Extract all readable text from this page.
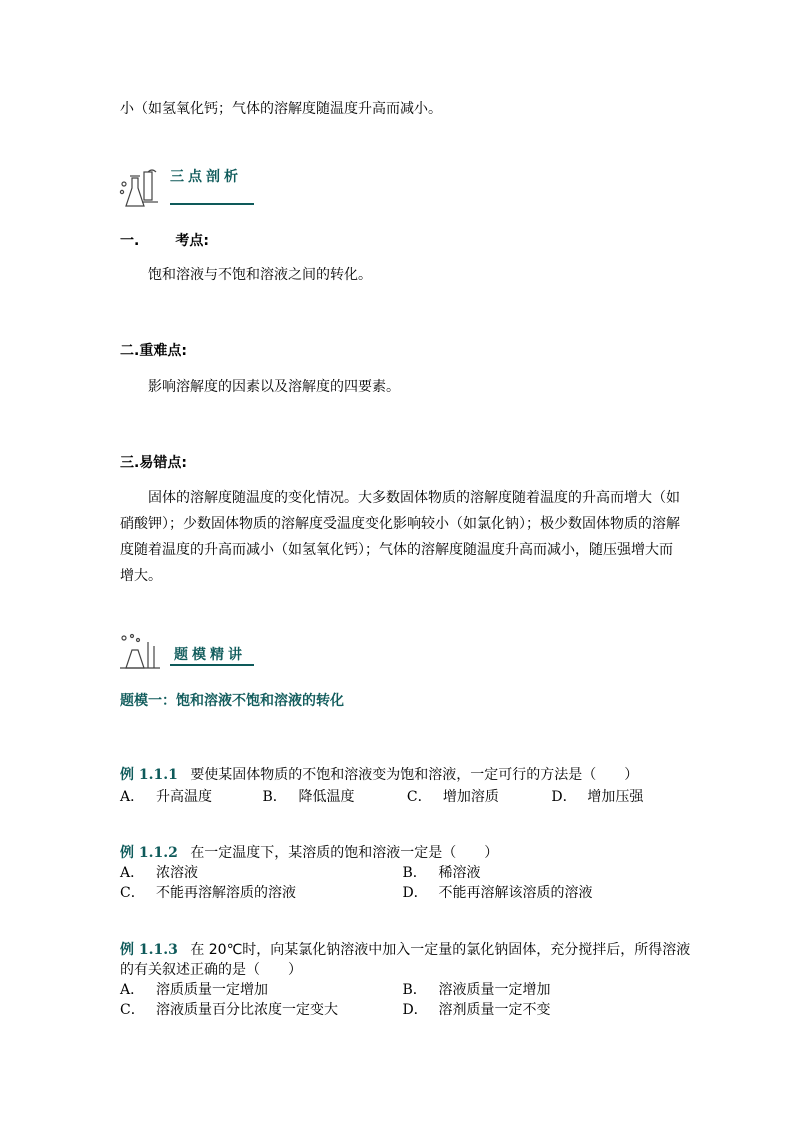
小（如氢氧化钙；气体的溶解度随温度升高而减小。
三点剖析
一.	考点:
饱和溶液与不饱和溶液之间的转化。
二.重难点:
影响溶解度的因素以及溶解度的四要素。
三.易错点:
固体的溶解度随温度的变化情况。大多数固体物质的溶解度随着温度的升高而增大（如
硝酸钾）；少数固体物质的溶解度受温度变化影响较小（如氯化钠）；极少数固体物质的溶解
度随着温度的升高而减小（如氢氧化钙）；气体的溶解度随温度升高而减小，随压强增大而
增大。
题模精讲
题模一：饱和溶液不饱和溶液的转化
例 1.1.1 要使某固体物质的不饱和溶液变为饱和溶液，一定可行的方法是（　　）
A． 升高温度	B． 降低温度	C． 增加溶质	D． 增加压强
例 1.1.2 在一定温度下，某溶质的饱和溶液一定是（　　）
A． 浓溶液	B． 稀溶液
C． 不能再溶解溶质的溶液	D． 不能再溶解该溶质的溶液
例 1.1.3 在 20℃时，向某氯化钠溶液中加入一定量的氯化钠固体，充分搅拌后，所得溶液
的有关叙述正确的是（　　）
A． 溶质质量一定增加	B． 溶液质量一定增加
C． 溶液质量百分比浓度一定变大	D． 溶剂质量一定不变
